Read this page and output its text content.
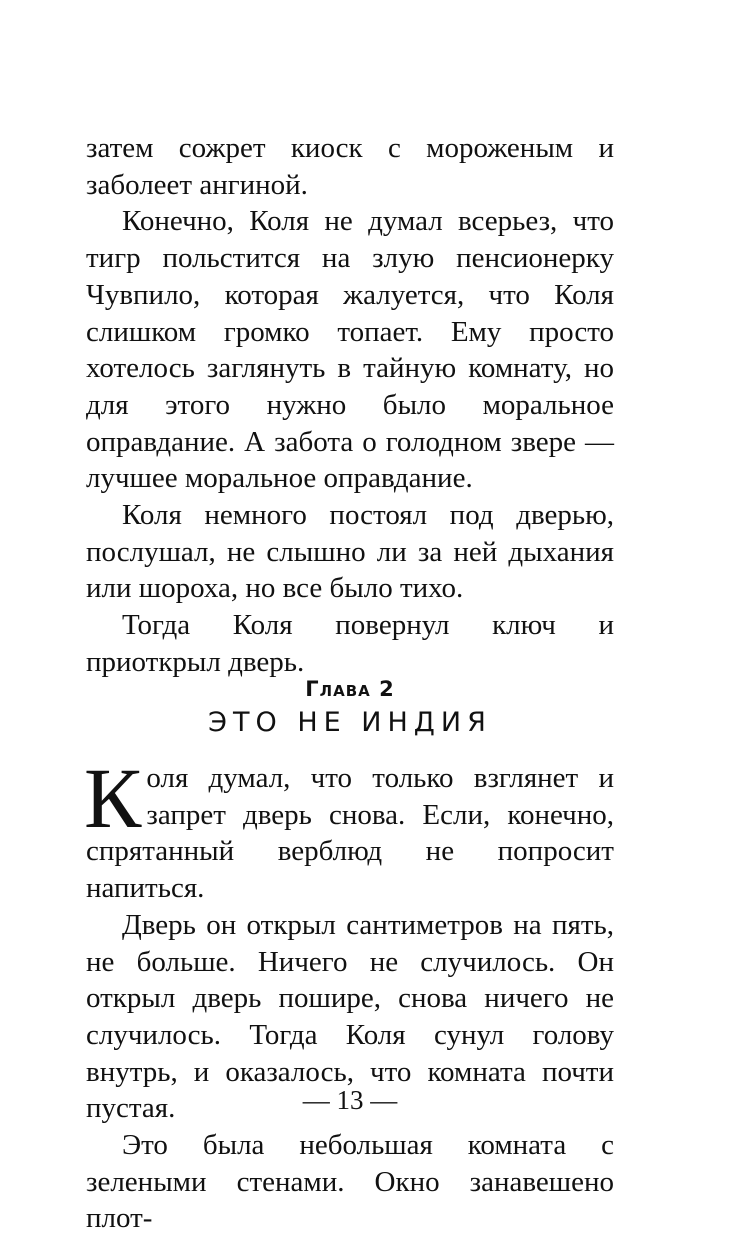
затем сожрет киоск с мороженым и заболеет ангиной.

Конечно, Коля не думал всерьез, что тигр польстится на злую пенсионерку Чувпило, которая жалуется, что Коля слишком громко топает. Ему просто хотелось заглянуть в тайную комнату, но для этого нужно было моральное оправдание. А забота о голодном звере — лучшее моральное оправдание.

Коля немного постоял под дверью, послушал, не слышно ли за ней дыхания или шороха, но все было тихо.

Тогда Коля повернул ключ и приоткрыл дверь.

Глава 2
ЭТО НЕ ИНДИЯ

Коля думал, что только взглянет и запрет дверь снова. Если, конечно, спрятанный верблюд не попросит напиться.

Дверь он открыл сантиметров на пять, не больше. Ничего не случилось. Он открыл дверь пошире, снова ничего не случилось. Тогда Коля сунул голову внутрь, и оказалось, что комната почти пустая.

Это была небольшая комната с зелеными стенами. Окно занавешено плот-

— 13 —
